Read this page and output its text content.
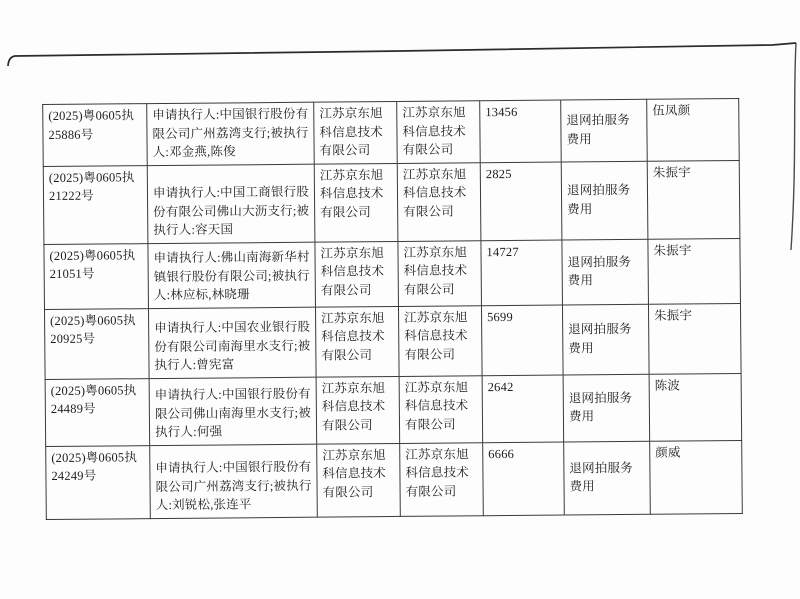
(2025)粤0605执25886号	申请执行人:中国银行股份有限公司广州荔湾支行;被执行人:邓金燕,陈俊	江苏京东旭科信息技术有限公司	江苏京东旭科信息技术有限公司	13456	退网拍服务费用	伍凤颜
(2025)粤0605执21222号	申请执行人:中国工商银行股份有限公司佛山大沥支行;被执行人:容天国	江苏京东旭科信息技术有限公司	江苏京东旭科信息技术有限公司	2825	退网拍服务费用	朱振宇
(2025)粤0605执21051号	申请执行人:佛山南海新华村镇银行股份有限公司;被执行人:林应标,林晓珊	江苏京东旭科信息技术有限公司	江苏京东旭科信息技术有限公司	14727	退网拍服务费用	朱振宇
(2025)粤0605执20925号	申请执行人:中国农业银行股份有限公司南海里水支行;被执行人:曾宪富	江苏京东旭科信息技术有限公司	江苏京东旭科信息技术有限公司	5699	退网拍服务费用	朱振宇
(2025)粤0605执24489号	申请执行人:中国银行股份有限公司佛山南海里水支行;被执行人:何强	江苏京东旭科信息技术有限公司	江苏京东旭科信息技术有限公司	2642	退网拍服务费用	陈波
(2025)粤0605执24249号	申请执行人:中国银行股份有限公司广州荔湾支行;被执行人:刘锐松,张连平	江苏京东旭科信息技术有限公司	江苏京东旭科信息技术有限公司	6666	退网拍服务费用	颜威
